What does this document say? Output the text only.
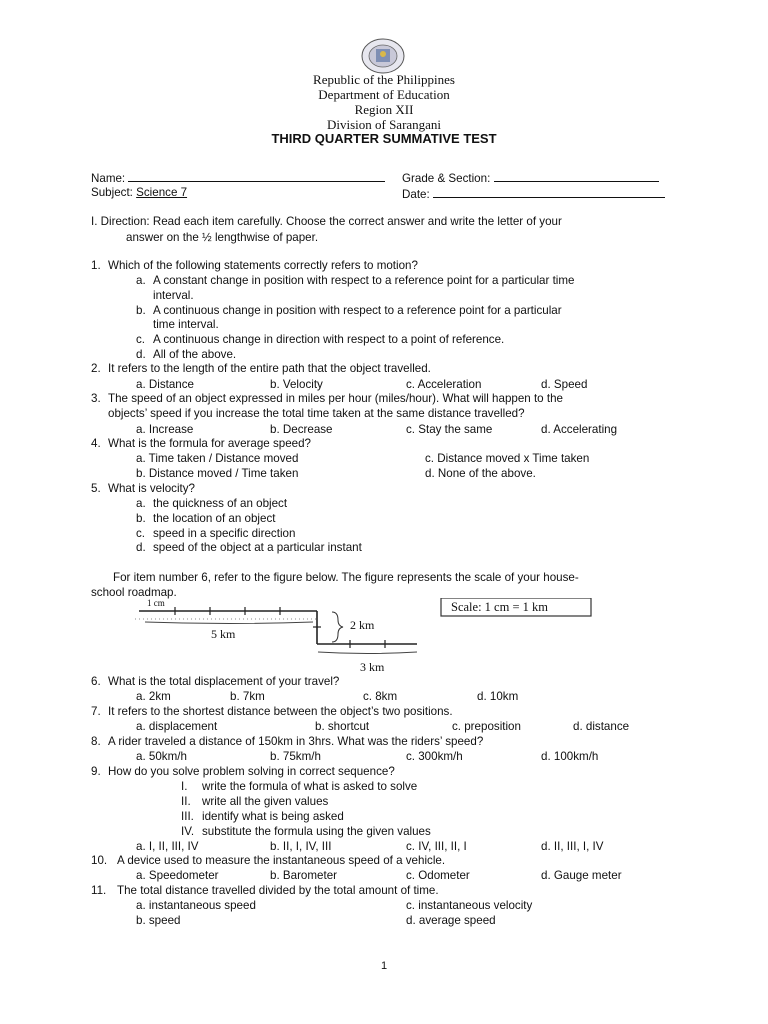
Republic of the Philippines
Department of Education
Region XII
Division of Sarangani
THIRD QUARTER SUMMATIVE TEST
Name:	Grade & Section:
Subject: Science 7	Date:
I. Direction: Read each item carefully. Choose the correct answer and write the letter of your
answer on the ½ lengthwise of paper.
1. Which of the following statements correctly refers to motion?
a. A constant change in position with respect to a reference point for a particular time
interval.
b. A continuous change in position with respect to a reference point for a particular
time interval.
c. A continuous change in direction with respect to a point of reference.
d. All of the above.
2. It refers to the length of the entire path that the object travelled.
a. Distance	b. Velocity	c. Acceleration	d. Speed
3. The speed of an object expressed in miles per hour (miles/hour). What will happen to the
objects’ speed if you increase the total time taken at the same distance travelled?
a. Increase	b. Decrease	c. Stay the same	d. Accelerating
4. What is the formula for average speed?
a. Time taken / Distance moved	c. Distance moved x Time taken
b. Distance moved / Time taken	d. None of the above.
5. What is velocity?
a. the quickness of an object
b. the location of an object
c. speed in a specific direction
d. speed of the object at a particular instant
For item number 6, refer to the figure below. The figure represents the scale of your house-
school roadmap.
1 cm
5 km
2 km
3 km
Scale: 1 cm = 1 km
6. What is the total displacement of your travel?
a. 2km	b. 7km	c. 8km	d. 10km
7. It refers to the shortest distance between the object’s two positions.
a. displacement	b. shortcut	c. preposition	d. distance
8. A rider traveled a distance of 150km in 3hrs. What was the riders’ speed?
a. 50km/h	b. 75km/h	c. 300km/h	d. 100km/h
9. How do you solve problem solving in correct sequence?
I. write the formula of what is asked to solve
II. write all the given values
III. identify what is being asked
IV. substitute the formula using the given values
a. I, II, III, IV	b. II, I, IV, III	c. IV, III, II, I	d. II, III, I, IV
10. A device used to measure the instantaneous speed of a vehicle.
a. Speedometer	b. Barometer	c. Odometer	d. Gauge meter
11. The total distance travelled divided by the total amount of time.
a. instantaneous speed	c. instantaneous velocity
b. speed	d. average speed
1
